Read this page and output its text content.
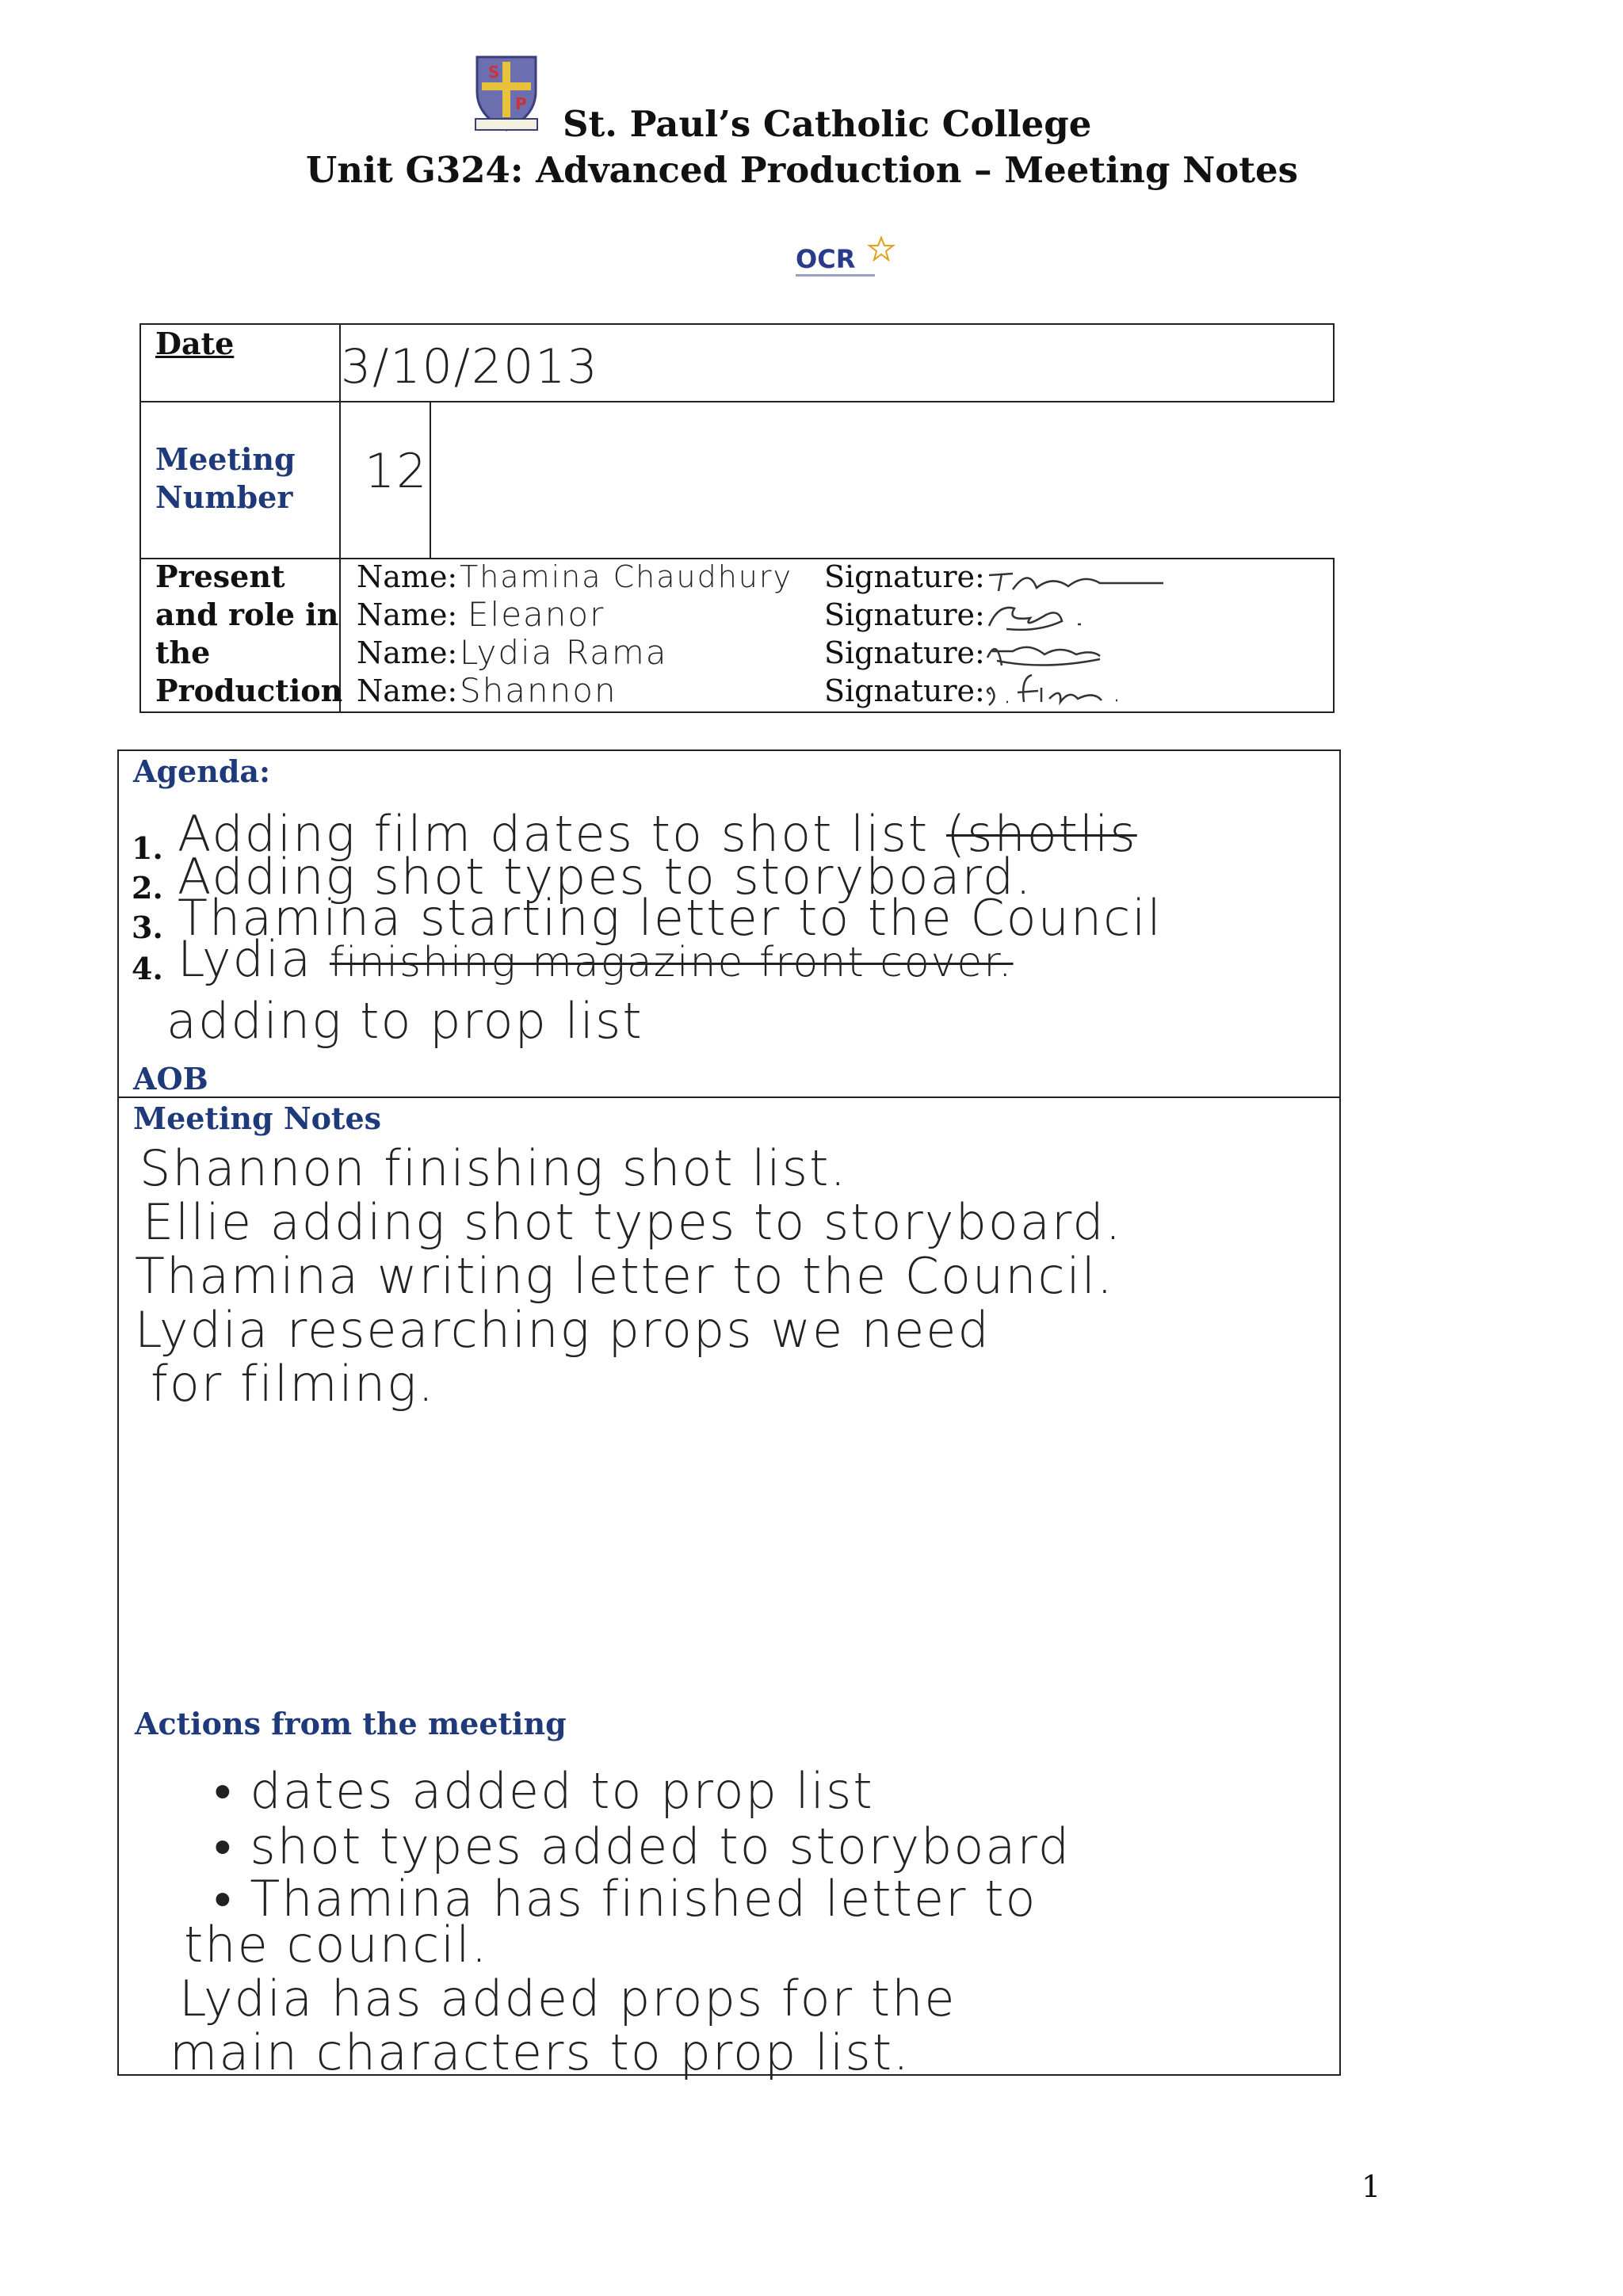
S
P St. Paul’s Catholic College
Unit G324: Advanced Production – Meeting Notes
OCR
Date 3/10/2013
Meeting
Number 12
Present
and role in
the
Production
Name:
Name:
Name:
Name:
Thamina Chaudhury
Eleanor
Lydia Rama
Shannon
Signature:
Signature:
Signature:
Signature:
Agenda:
1. Adding film dates to shot list (shotlis
2. Adding shot types to storyboard.
3. Thamina starting letter to the Council
4. Lydia finishing magazine front cover.
adding to prop list
AOB
Meeting Notes
Shannon finishing shot list.
Ellie adding shot types to storyboard.
Thamina writing letter to the Council.
Lydia researching props we need
for filming.
Actions from the meeting
• dates added to prop list
• shot types added to storyboard
• Thamina has finished letter to
the council.
Lydia has added props for the
main characters to prop list.
1
